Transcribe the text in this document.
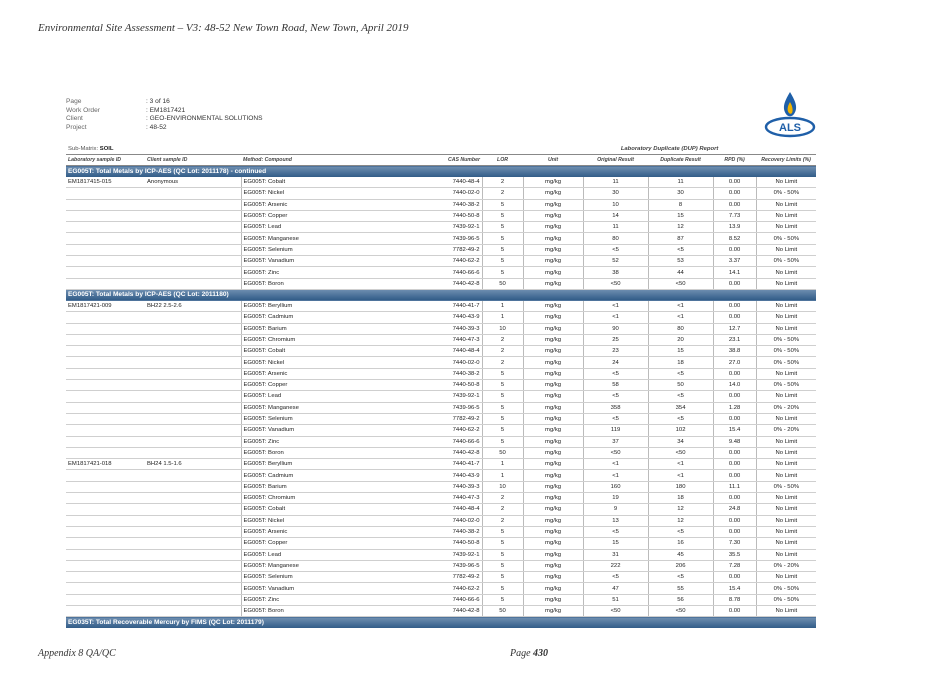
Environmental Site Assessment – V3: 48-52 New Town Road, New Town, April 2019
Page	: 3 of 16
Work Order	: EM1817421
Client	: GEO-ENVIRONMENTAL SOLUTIONS
Project	: 48-52	ALS
Sub-Matrix: SOIL					Laboratory Duplicate (DUP) Report				
Laboratory sample ID	Client sample ID	Method: Compound	CAS Number	LOR	Unit	Original Result	Duplicate Result	RPD (%)	Recovery Limits (%)
EG005T: Total Metals by ICP-AES (QC Lot: 2011178) - continued									
EM1817415-015	Anonymous	EG005T: Cobalt	7440-48-4	2	mg/kg	11	11	0.00	No Limit
		EG005T: Nickel	7440-02-0	2	mg/kg	30	30	0.00	0% - 50%
		EG005T: Arsenic	7440-38-2	5	mg/kg	10	8	0.00	No Limit
		EG005T: Copper	7440-50-8	5	mg/kg	14	15	7.73	No Limit
		EG005T: Lead	7439-92-1	5	mg/kg	11	12	13.9	No Limit
		EG005T: Manganese	7439-96-5	5	mg/kg	80	87	8.52	0% - 50%
		EG005T: Selenium	7782-49-2	5	mg/kg	<5	<5	0.00	No Limit
		EG005T: Vanadium	7440-62-2	5	mg/kg	52	53	3.37	0% - 50%
		EG005T: Zinc	7440-66-6	5	mg/kg	38	44	14.1	No Limit
		EG005T: Boron	7440-42-8	50	mg/kg	<50	<50	0.00	No Limit
EG005T: Total Metals by ICP-AES (QC Lot: 2011180)									
EM1817421-009	BH22 2.5-2.6	EG005T: Beryllium	7440-41-7	1	mg/kg	<1	<1	0.00	No Limit
		EG005T: Cadmium	7440-43-9	1	mg/kg	<1	<1	0.00	No Limit
		EG005T: Barium	7440-39-3	10	mg/kg	90	80	12.7	No Limit
		EG005T: Chromium	7440-47-3	2	mg/kg	25	20	23.1	0% - 50%
		EG005T: Cobalt	7440-48-4	2	mg/kg	23	15	38.8	0% - 50%
		EG005T: Nickel	7440-02-0	2	mg/kg	24	18	27.0	0% - 50%
		EG005T: Arsenic	7440-38-2	5	mg/kg	<5	<5	0.00	No Limit
		EG005T: Copper	7440-50-8	5	mg/kg	58	50	14.0	0% - 50%
		EG005T: Lead	7439-92-1	5	mg/kg	<5	<5	0.00	No Limit
		EG005T: Manganese	7439-96-5	5	mg/kg	358	354	1.28	0% - 20%
		EG005T: Selenium	7782-49-2	5	mg/kg	<5	<5	0.00	No Limit
		EG005T: Vanadium	7440-62-2	5	mg/kg	119	102	15.4	0% - 20%
		EG005T: Zinc	7440-66-6	5	mg/kg	37	34	9.48	No Limit
		EG005T: Boron	7440-42-8	50	mg/kg	<50	<50	0.00	No Limit
EM1817421-018	BH24 1.5-1.6	EG005T: Beryllium	7440-41-7	1	mg/kg	<1	<1	0.00	No Limit
		EG005T: Cadmium	7440-43-9	1	mg/kg	<1	<1	0.00	No Limit
		EG005T: Barium	7440-39-3	10	mg/kg	160	180	11.1	0% - 50%
		EG005T: Chromium	7440-47-3	2	mg/kg	19	18	0.00	No Limit
		EG005T: Cobalt	7440-48-4	2	mg/kg	9	12	24.8	No Limit
		EG005T: Nickel	7440-02-0	2	mg/kg	13	12	0.00	No Limit
		EG005T: Arsenic	7440-38-2	5	mg/kg	<5	<5	0.00	No Limit
		EG005T: Copper	7440-50-8	5	mg/kg	15	16	7.30	No Limit
		EG005T: Lead	7439-92-1	5	mg/kg	31	45	35.5	No Limit
		EG005T: Manganese	7439-96-5	5	mg/kg	222	206	7.28	0% - 20%
		EG005T: Selenium	7782-49-2	5	mg/kg	<5	<5	0.00	No Limit
		EG005T: Vanadium	7440-62-2	5	mg/kg	47	55	15.4	0% - 50%
		EG005T: Zinc	7440-66-6	5	mg/kg	51	56	8.78	0% - 50%
		EG005T: Boron	7440-42-8	50	mg/kg	<50	<50	0.00	No Limit
EG035T: Total Recoverable Mercury by FIMS (QC Lot: 2011179)									
Appendix 8 QA/QC	Page 430
